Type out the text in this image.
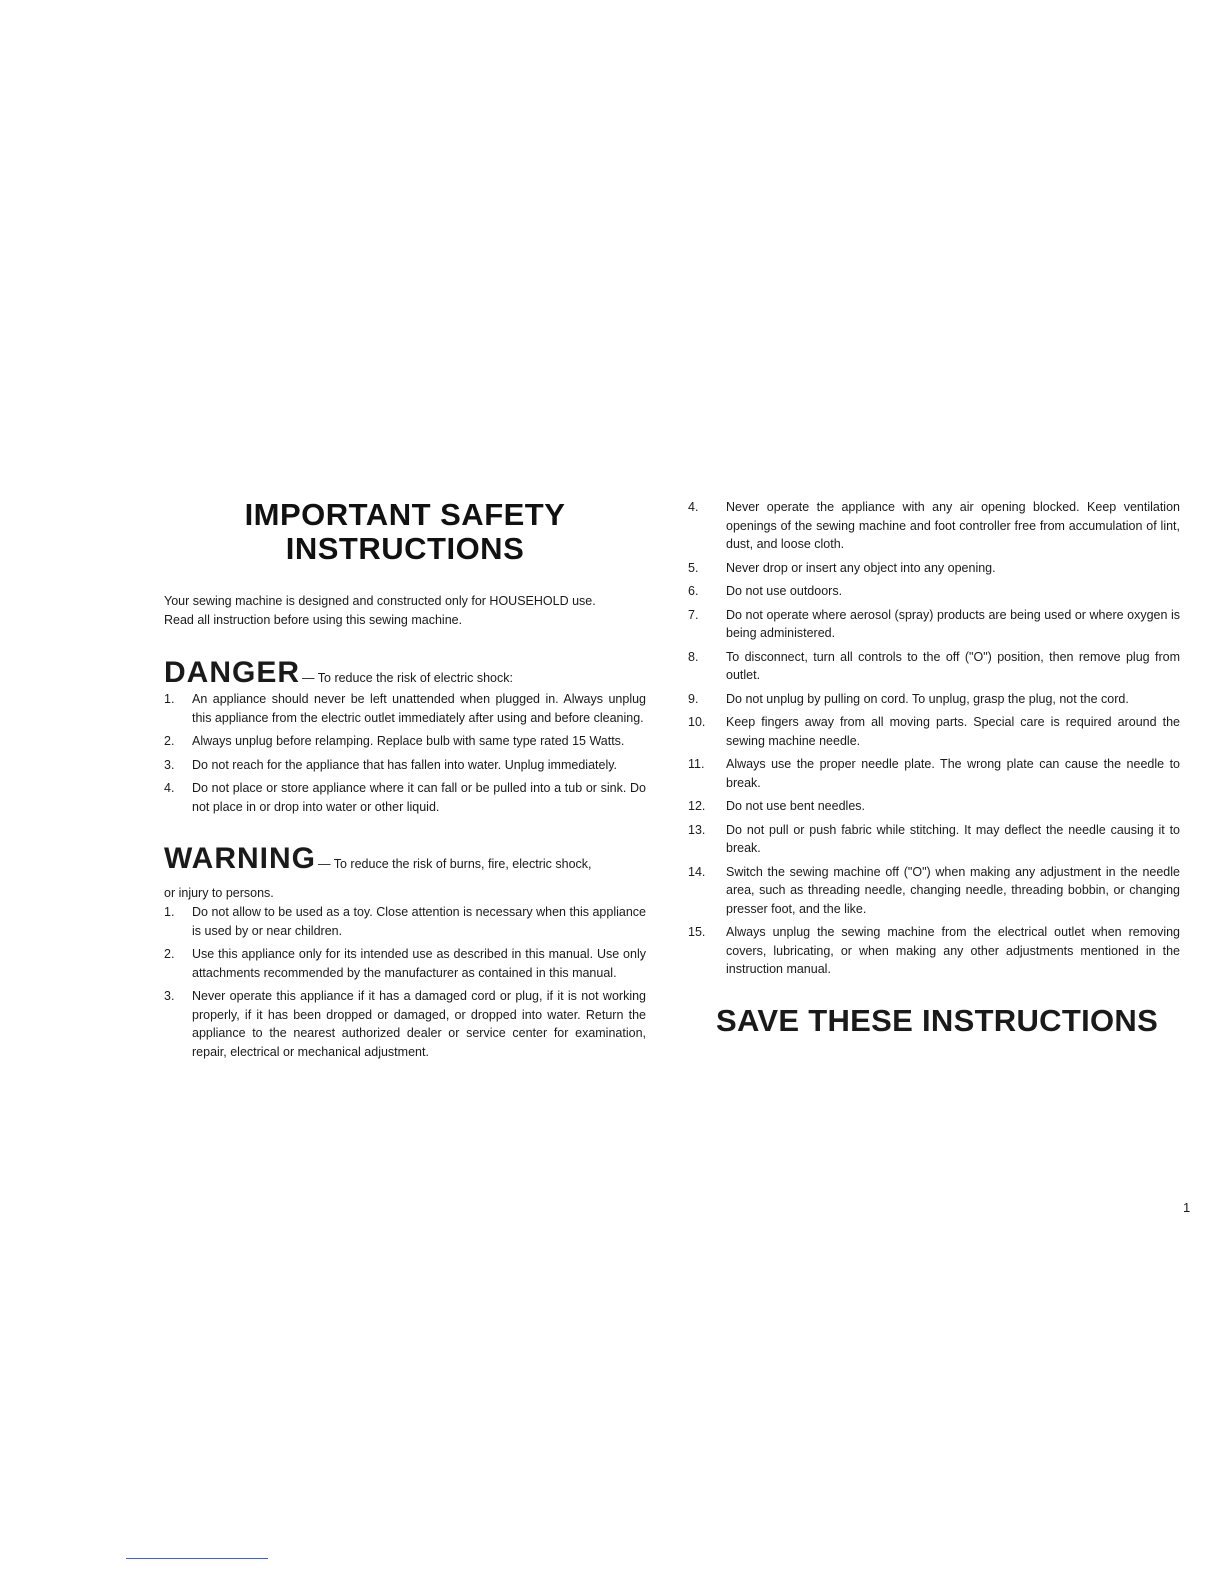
IMPORTANT SAFETY
INSTRUCTIONS

Your sewing machine is designed and constructed only for HOUSEHOLD use.

Read all instruction before using this sewing machine.

DANGER — To reduce the risk of electric shock:
1.	An appliance should never be left unattended when plugged in. Always unplug this appliance from the electric outlet immediately after using and before cleaning.
2.	Always unplug before relamping. Replace bulb with same type rated 15 Watts.
3.	Do not reach for the appliance that has fallen into water. Unplug immediately.
4.	Do not place or store appliance where it can fall or be pulled into a tub or sink. Do not place in or drop into water or other liquid.
WARNING — To reduce the risk of burns, fire, electric shock,
or injury to persons.
1.	Do not allow to be used as a toy. Close attention is necessary when this appliance is used by or near children.
2.	Use this appliance only for its intended use as described in this manual. Use only attachments recommended by the manufacturer as contained in this manual.
3.	Never operate this appliance if it has a damaged cord or plug, if it is not working properly, if it has been dropped or damaged, or dropped into water. Return the appliance to the nearest authorized dealer or service center for examination, repair, electrical or mechanical adjustment.
4.	Never operate the appliance with any air opening blocked. Keep ventilation openings of the sewing machine and foot controller free from accumulation of lint, dust, and loose cloth.
5.	Never drop or insert any object into any opening.
6.	Do not use outdoors.
7.	Do not operate where aerosol (spray) products are being used or where oxygen is being administered.
8.	To disconnect, turn all controls to the off ("O") position, then remove plug from outlet.
9.	Do not unplug by pulling on cord. To unplug, grasp the plug, not the cord.
10.	Keep fingers away from all moving parts. Special care is required around the sewing machine needle.
11.	Always use the proper needle plate. The wrong plate can cause the needle to break.
12.	Do not use bent needles.
13.	Do not pull or push fabric while stitching. It may deflect the needle causing it to break.
14.	Switch the sewing machine off ("O") when making any adjustment in the needle area, such as threading needle, changing needle, threading bobbin, or changing presser foot, and the like.
15.	Always unplug the sewing machine from the electrical outlet when removing covers, lubricating, or when making any other adjustments mentioned in the instruction manual.
SAVE THESE INSTRUCTIONS
1
